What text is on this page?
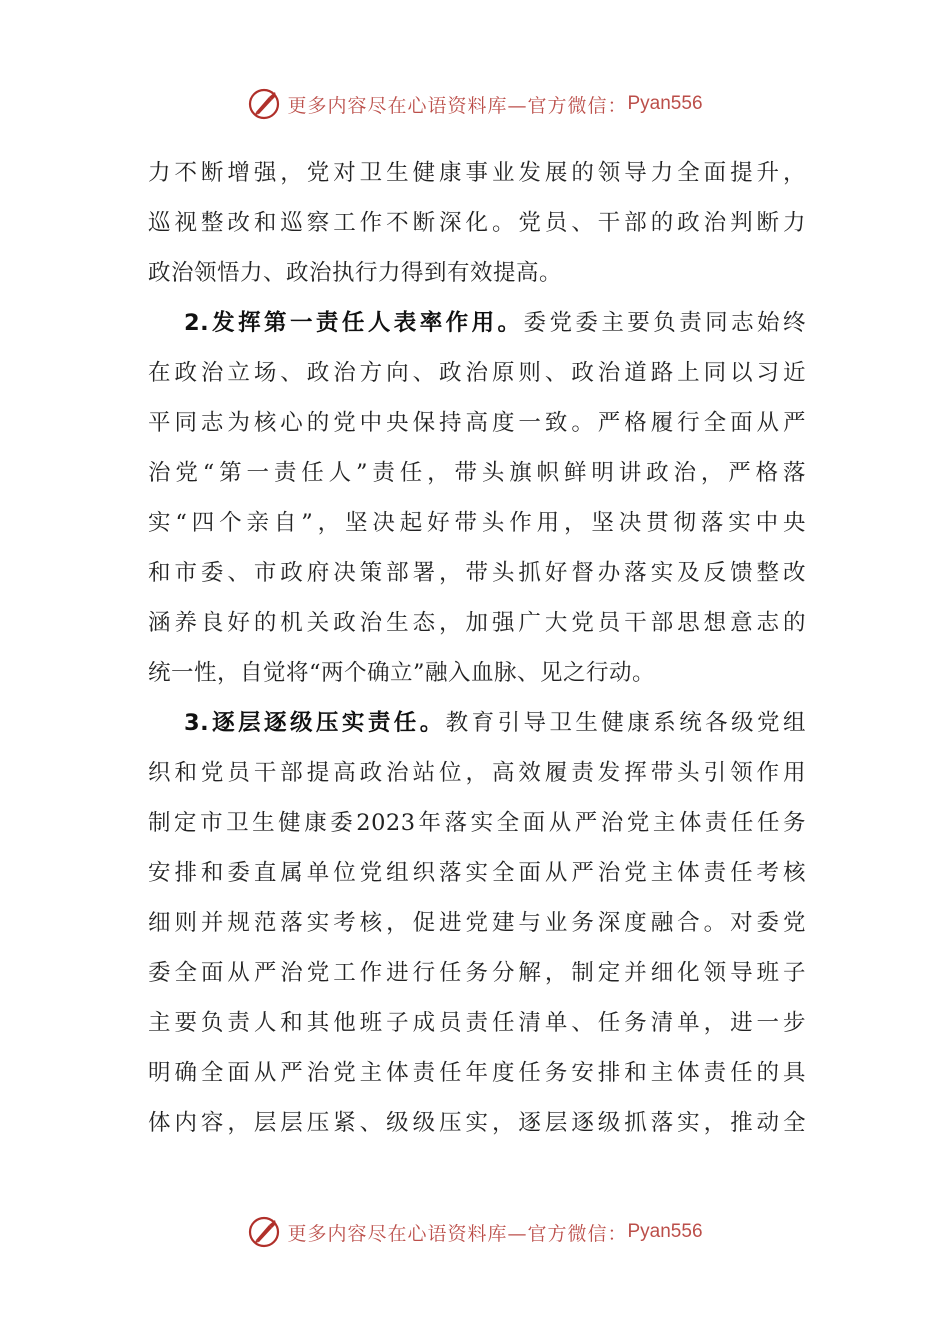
更多内容尽在心语资料库— 官方微信： Pyan556
力不断增强，党对卫生健康事业发展的领导力全面提升，
巡视整改和巡察工作不断深化。党员、干部的政治判断力
政治领悟力、政治执行力得到有效提高。
2.发挥第一责任人表率作用。委党委主要负责同志始终
在政治立场、政治方向、政治原则、政治道路上同以习近
平同志为核心的党中央保持高度一致。严格履行全面从严
治党“第一责任人”责任，带头旗帜鲜明讲政治，严格落
实“四个亲自”，坚决起好带头作用，坚决贯彻落实中央
和市委、市政府决策部署，带头抓好督办落实及反馈整改
涵养良好的机关政治生态，加强广大党员干部思想意志的
统一性，自觉将“两个确立”融入血脉、见之行动。
3.逐层逐级压实责任。教育引导卫生健康系统各级党组
织和党员干部提高政治站位，高效履责发挥带头引领作用
制定市卫生健康委2023年落实全面从严治党主体责任任务
安排和委直属单位党组织落实全面从严治党主体责任考核
细则并规范落实考核，促进党建与业务深度融合。对委党
委全面从严治党工作进行任务分解，制定并细化领导班子
主要负责人和其他班子成员责任清单、任务清单，进一步
明确全面从严治党主体责任年度任务安排和主体责任的具
体内容，层层压紧、级级压实，逐层逐级抓落实，推动全
更多内容尽在心语资料库— 官方微信： Pyan556
